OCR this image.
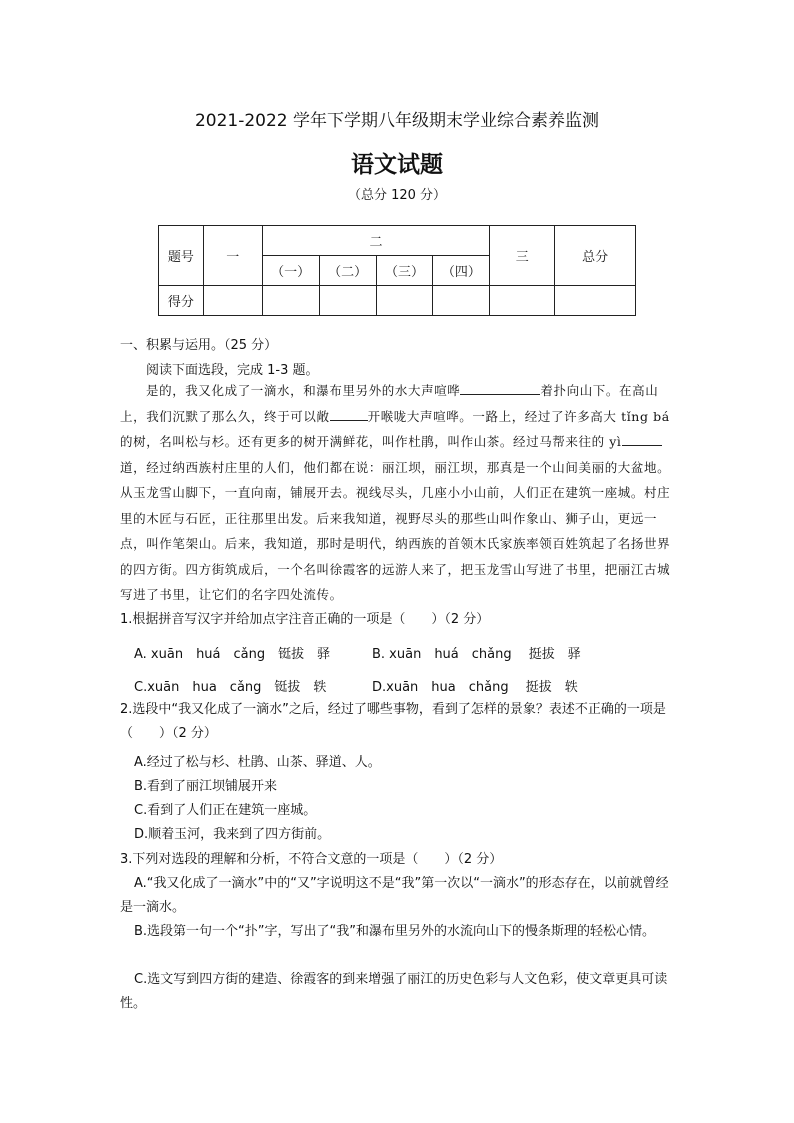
2021-2022 学年下学期八年级期末学业综合素养监测
语文试题
（总分 120 分）
题号	一	二				三	总分
		（一）	（二）	（三）	（四）		
得分							
一、积累与运用。（25 分）
阅读下面选段，完成 1-3 题。
是的，我又化成了一滴水，和瀑布里另外的水大声喧哗	着扑向山下。在高山上，我们沉默了那么久，终于可以敞	开喉咙大声喧哗。一路上，经过了许多高大 tǐng bá的树，名叫松与杉。还有更多的树开满鲜花，叫作杜鹃，叫作山茶。经过马帮来往的 yì道，经过纳西族村庄里的人们，他们都在说：丽江坝，丽江坝，那真是一个山间美丽的大盆地。从玉龙雪山脚下，一直向南，铺展开去。视线尽头，几座小小山前，人们正在建筑一座城。村庄里的木匠与石匠，正往那里出发。后来我知道，视野尽头的那些山叫作象山、狮子山，更远一点，叫作笔架山。后来，我知道，那时是明代，纳西族的首领木氏家族率领百姓筑起了名扬世界的四方街。四方街筑成后，一个名叫徐霞客的远游人来了，把玉龙雪山写进了书里，把丽江古城写进了书里，让它们的名字四处流传。
1.根据拼音写汉字并给加点字注音正确的一项是（　　）（2 分）
A. xuān　huá　cǎng　铤拔　驿	B. xuān　huá　chǎng　 挺拔　驿
C.xuān　hua　cǎng　铤拔　轶	D.xuān　hua　chǎng　 挺拔　轶
2.选段中“我又化成了一滴水”之后，经过了哪些事物，看到了怎样的景象？表述不正确的一项是（　　）（2 分）
A.经过了松与杉、杜鹃、山茶、驿道、人。
B.看到了丽江坝铺展开来
C.看到了人们正在建筑一座城。
D.顺着玉河，我来到了四方街前。
3.下列对选段的理解和分析，不符合文意的一项是（　　）（2 分）
A.“我又化成了一滴水”中的“又”字说明这不是“我”第一次以“一滴水”的形态存在，以前就曾经是一滴水。
B.选段第一句一个“扑”字，写出了“我”和瀑布里另外的水流向山下的慢条斯理的轻松心情。
C.选文写到四方街的建造、徐霞客的到来增强了丽江的历史色彩与人文色彩，使文章更具可读性。
